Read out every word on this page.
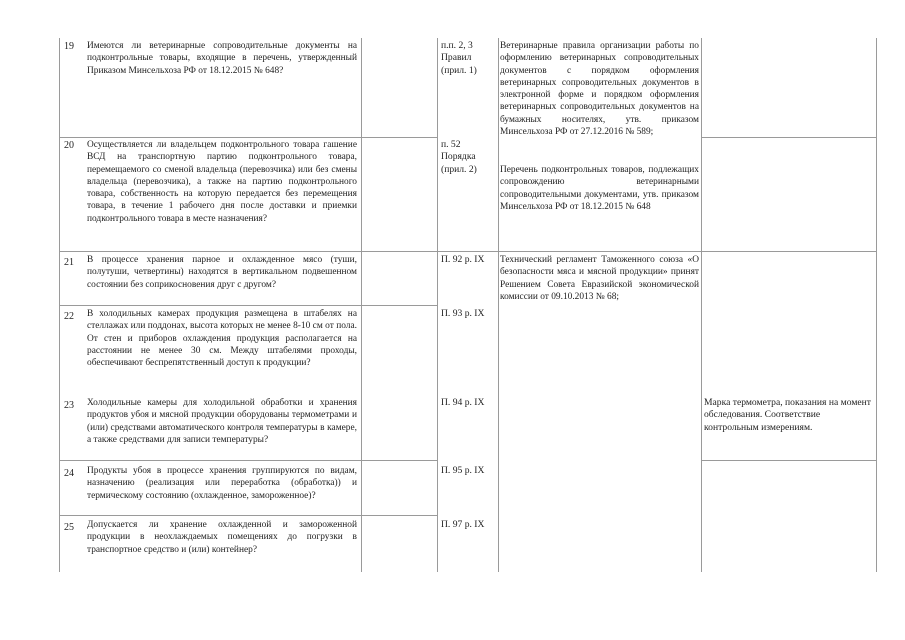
19 Имеются ли ветеринарные сопроводительные документы на подконтрольные товары, входящие в перечень, утвержденный Приказом Минсельхоза РФ от 18.12.2015 № 648?
п.п. 2, 3 Правил (прил. 1)
20 Осуществляется ли владельцем подконтрольного товара гашение ВСД на транспортную партию подконтрольного товара, перемещаемого со сменой владельца (перевозчика) или без смены владельца (перевозчика), а также на партию подконтрольного товара, собственность на которую передается без перемещения товара, в течение 1 рабочего дня после доставки и приемки подконтрольного товара в месте назначения?
п. 52 Порядка (прил. 2)
Ветеринарные правила организации работы по оформлению ветеринарных сопроводительных документов с порядком оформления ветеринарных сопроводительных документов в электронной форме и порядком оформления ветеринарных сопроводительных документов на бумажных носителях, утв. приказом Минсельхоза РФ от 27.12.2016 № 589;
Перечень подконтрольных товаров, подлежащих сопровождению ветеринарными сопроводительными документами, утв. приказом Минсельхоза РФ от 18.12.2015 № 648
21 В процессе хранения парное и охлажденное мясо (туши, полутуши, четвертины) находятся в вертикальном подвешенном состоянии без соприкосновения друг с другом?
П. 92 р. IX	Технический регламент Таможенного союза «О безопасности мяса и мясной продукции» принят Решением Совета Евразийской экономической комиссии от 09.10.2013 № 68;
22 В холодильных камерах продукция размещена в штабелях на стеллажах или поддонах, высота которых не менее 8-10 см от пола. От стен и приборов охлаждения продукция располагается на расстоянии не менее 30 см. Между штабелями проходы, обеспечивают беспрепятственный доступ к продукции?
П. 93 р. IX
23 Холодильные камеры для холодильной обработки и хранения продуктов убоя и мясной продукции оборудованы термометрами и (или) средствами автоматического контроля температуры в камере, а также средствами для записи температуры?
П. 94 р. IX	Марка термометра, показания на момент обследования. Соответствие контрольным измерениям.
24 Продукты убоя в процессе хранения группируются по видам, назначению (реализация или переработка (обработка)) и термическому состоянию (охлажденное, замороженное)?
П. 95 р. IX
25 Допускается ли хранение охлажденной и замороженной продукции в неохлаждаемых помещениях до погрузки в транспортное средство и (или) контейнер?
П. 97 р. IX
